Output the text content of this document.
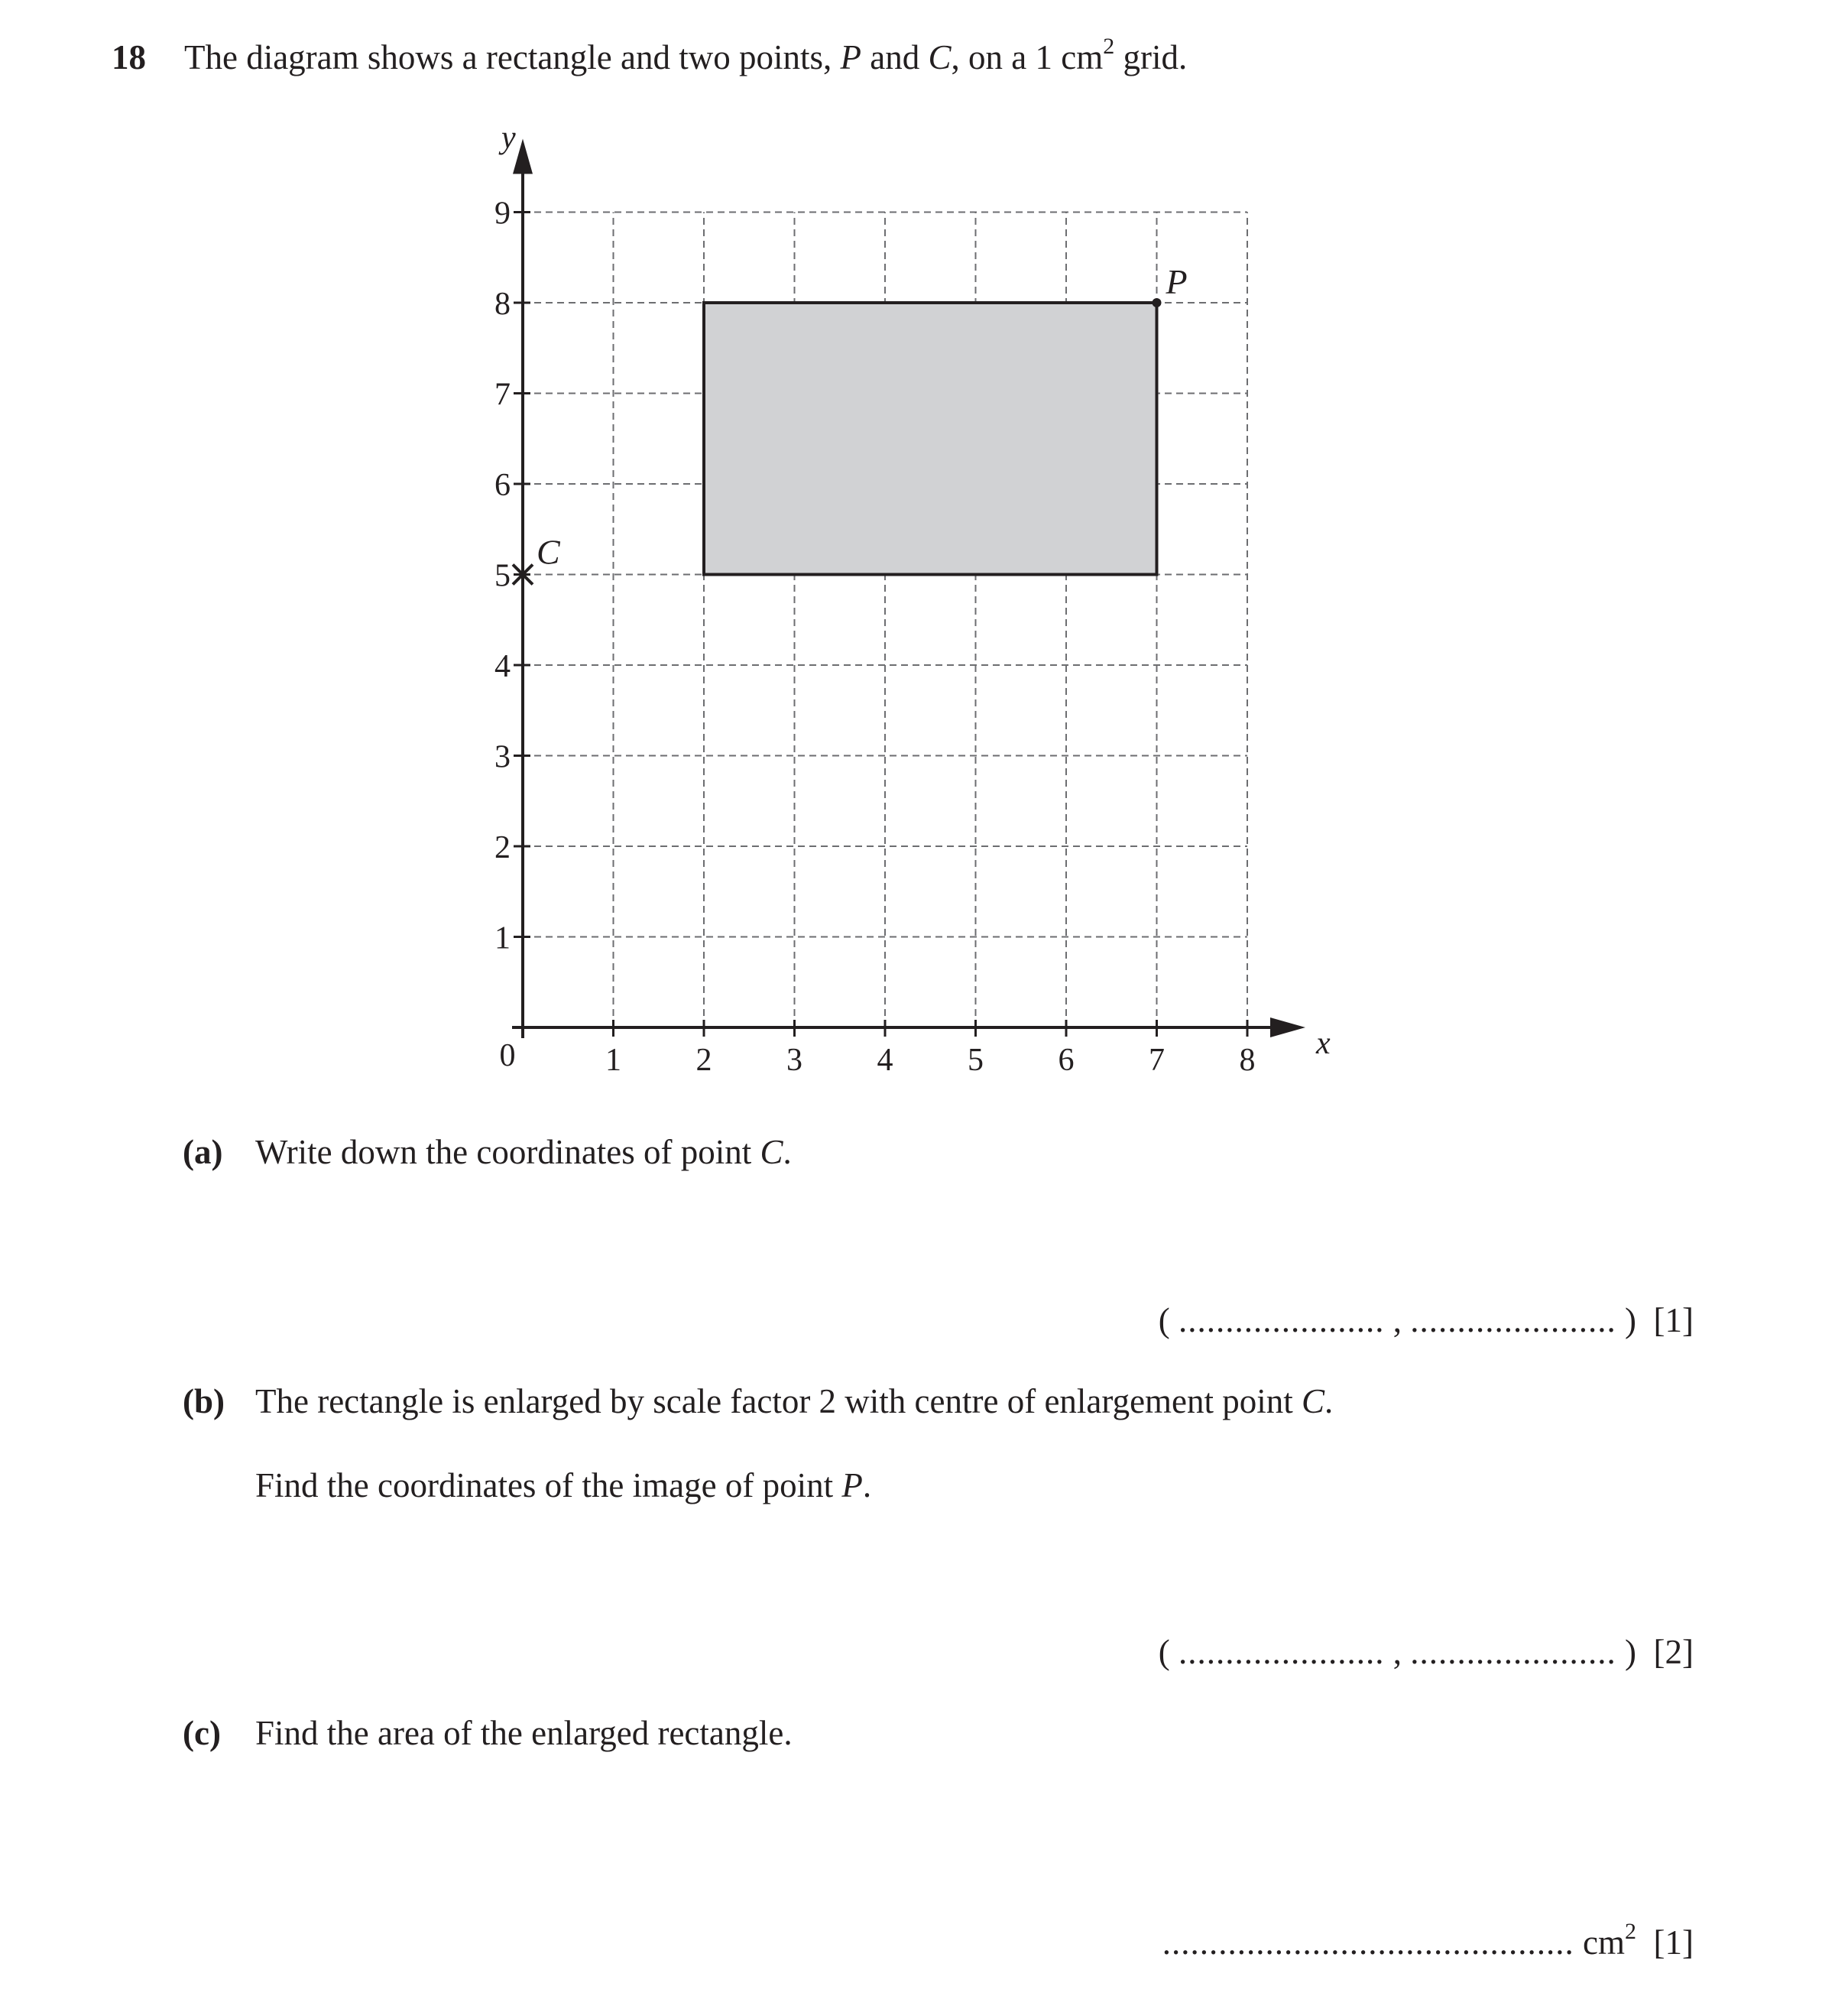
18 The diagram shows a rectangle and two points, P and C, on a 1 $cm^2$ grid.
1 2 3 4 5 6 7 8
1
2
3
4
5
6
7
8
9
x
y
0
P
C
(a) Write down the coordinates of point C.
( ...................... , ...................... ) [1]
(b) The rectangle is enlarged by scale factor 2 with centre of enlargement point C.
Find the coordinates of the image of point P.
( ...................... , ...................... ) [2]
(c) Find the area of the enlarged rectangle.
............................................ $cm^2$ [1]
